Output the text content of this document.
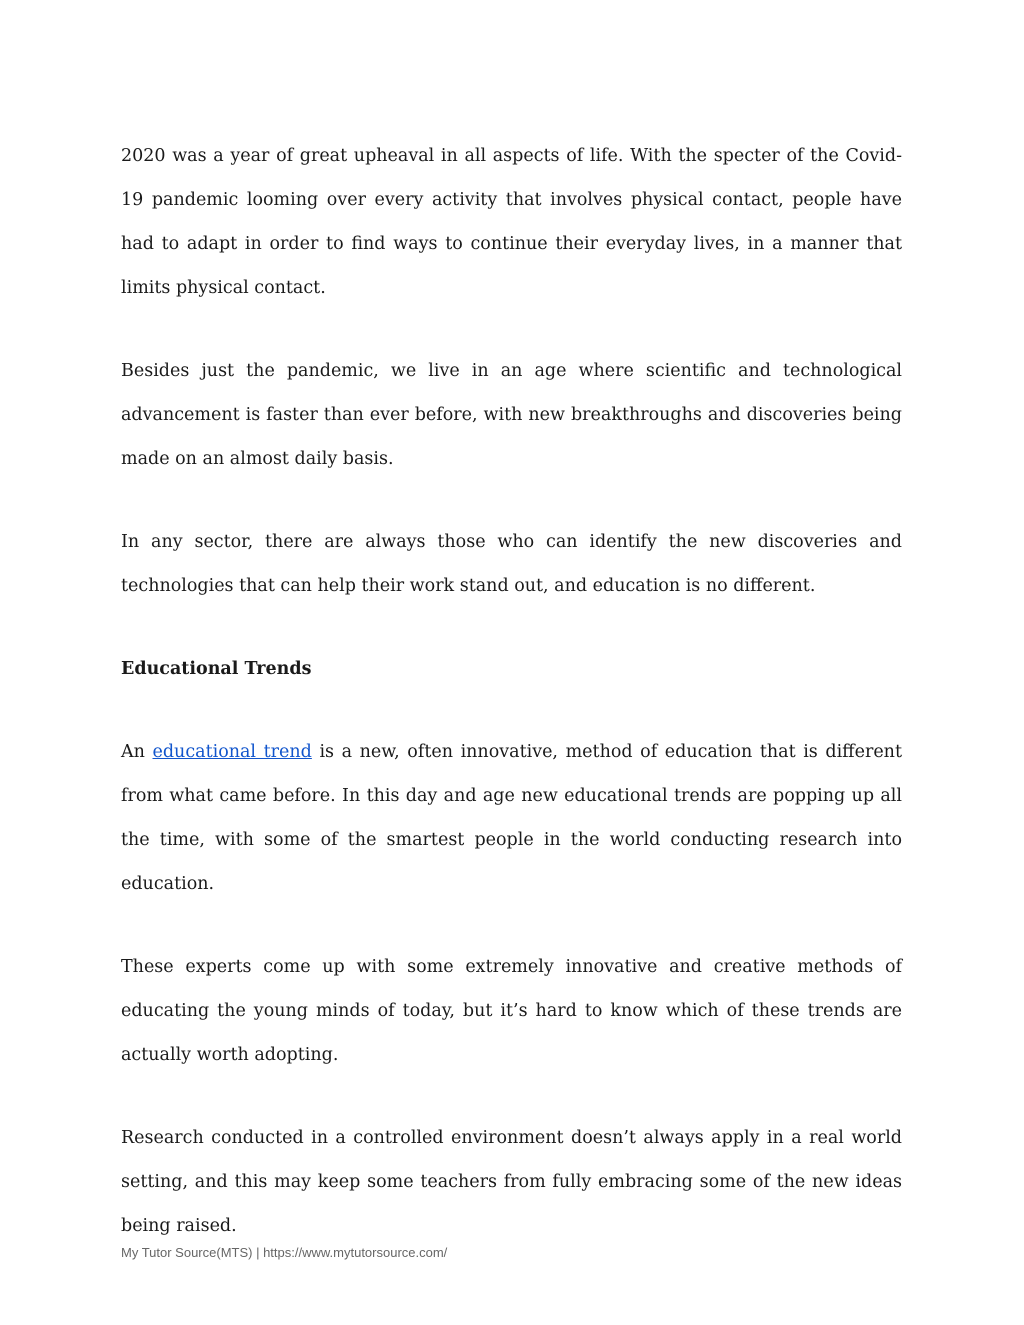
2020 was a year of great upheaval in all aspects of life. With the specter of the Covid-19 pandemic looming over every activity that involves physical contact, people have had to adapt in order to find ways to continue their everyday lives, in a manner that limits physical contact.

Besides just the pandemic, we live in an age where scientific and technological advancement is faster than ever before, with new breakthroughs and discoveries being made on an almost daily basis.

In any sector, there are always those who can identify the new discoveries and technologies that can help their work stand out, and education is no different.

Educational Trends

An educational trend is a new, often innovative, method of education that is different from what came before. In this day and age new educational trends are popping up all the time, with some of the smartest people in the world conducting research into education.

These experts come up with some extremely innovative and creative methods of educating the young minds of today, but it’s hard to know which of these trends are actually worth adopting.

Research conducted in a controlled environment doesn’t always apply in a real world setting, and this may keep some teachers from fully embracing some of the new ideas being raised.

My Tutor Source(MTS) | https://www.mytutorsource.com/
